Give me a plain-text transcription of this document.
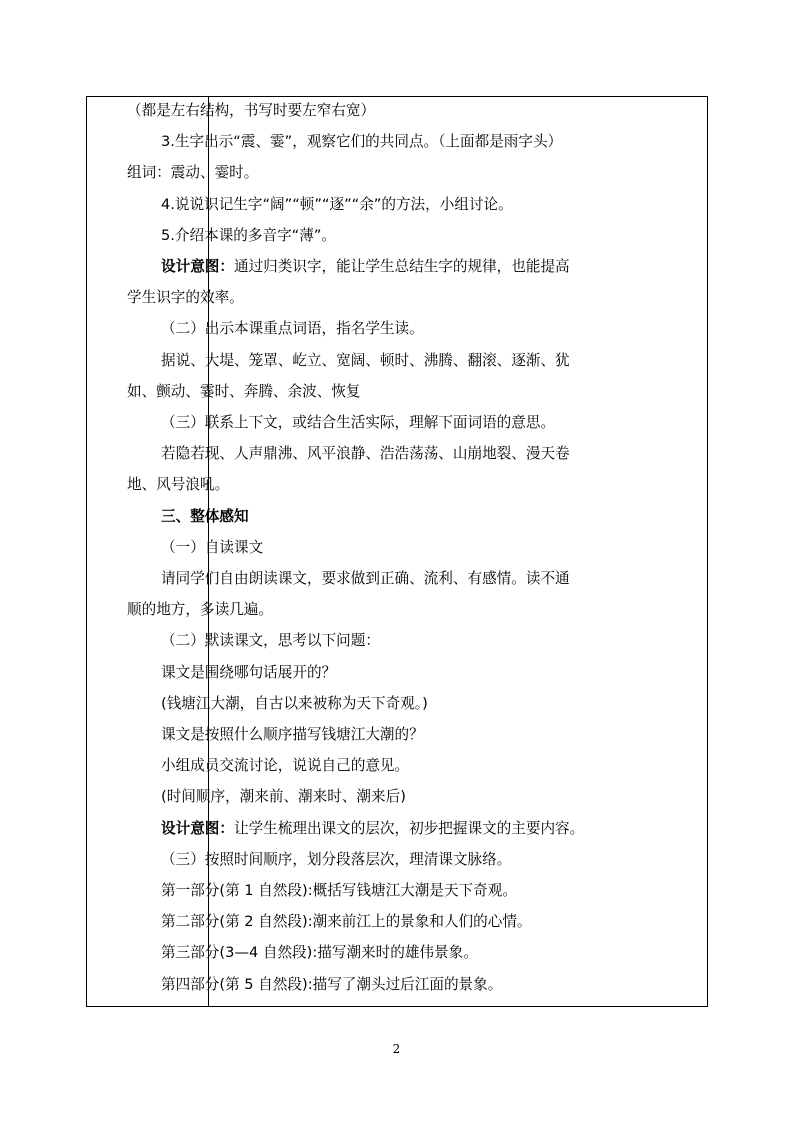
（都是左右结构，书写时要左窄右宽）
3.生字出示“震、霎”，观察它们的共同点。（上面都是雨字头）
组词：震动、霎时。
4.说说识记生字“阔”“顿”“逐”“余”的方法，小组讨论。
5.介绍本课的多音字“薄”。
设计意图：通过归类识字，能让学生总结生字的规律，也能提高
学生识字的效率。
（二）出示本课重点词语，指名学生读。
据说、大堤、笼罩、屹立、宽阔、顿时、沸腾、翻滚、逐渐、犹
如、颤动、霎时、奔腾、余波、恢复
（三）联系上下文，或结合生活实际，理解下面词语的意思。
若隐若现、人声鼎沸、风平浪静、浩浩荡荡、山崩地裂、漫天卷
地、风号浪吼。
三、整体感知
（一）自读课文
请同学们自由朗读课文，要求做到正确、流利、有感情。读不通
顺的地方，多读几遍。
（二）默读课文，思考以下问题：
课文是围绕哪句话展开的？
(钱塘江大潮，自古以来被称为天下奇观。)
课文是按照什么顺序描写钱塘江大潮的？
小组成员交流讨论，说说自己的意见。
(时间顺序，潮来前、潮来时、潮来后)
设计意图：让学生梳理出课文的层次，初步把握课文的主要内容。
（三）按照时间顺序，划分段落层次，理清课文脉络。
第一部分(第 1 自然段):概括写钱塘江大潮是天下奇观。
第二部分(第 2 自然段):潮来前江上的景象和人们的心情。
第三部分(3—4 自然段):描写潮来时的雄伟景象。
第四部分(第 5 自然段):描写了潮头过后江面的景象。
2
